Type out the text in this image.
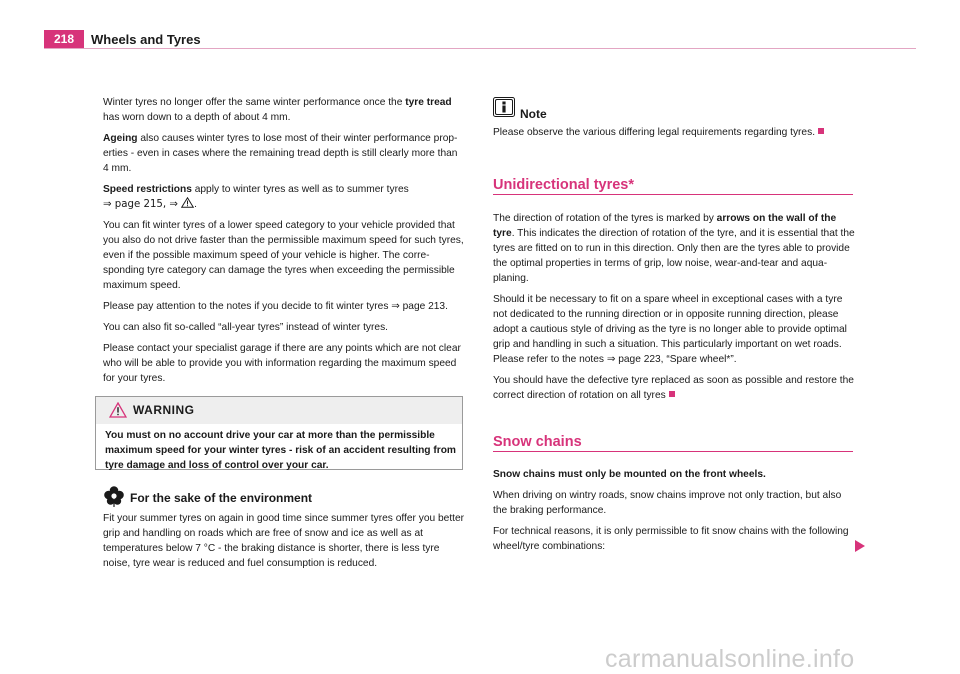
218	Wheels and Tyres

Winter tyres no longer offer the same winter performance once the tyre tread has worn down to a depth of about 4 mm.

Ageing also causes winter tyres to lose most of their winter performance prop-erties - even in cases where the remaining tread depth is still clearly more than 4 mm.

Speed restrictions apply to winter tyres as well as to summer tyres
⇒ page 215, ⇒ .

You can fit winter tyres of a lower speed category to your vehicle provided that you also do not drive faster than the permissible maximum speed for such tyres, even if the possible maximum speed of your vehicle is higher. The corre-sponding tyre category can damage the tyres when exceeding the permissible maximum speed.

Please pay attention to the notes if you decide to fit winter tyres ⇒ page 213.

You can also fit so-called “all-year tyres” instead of winter tyres.

Please contact your specialist garage if there are any points which are not clear who will be able to provide you with information regarding the maximum speed for your tyres.

WARNING
You must on no account drive your car at more than the permissible maximum speed for your winter tyres - risk of an accident resulting from tyre damage and loss of control over your car.
For the sake of the environment
Fit your summer tyres on again in good time since summer tyres offer you better grip and handling on roads which are free of snow and ice as well as at temperatures below 7 °C - the braking distance is shorter, there is less tyre noise, tyre wear is reduced and fuel consumption is reduced.
Note
Please observe the various differing legal requirements regarding tyres.
Unidirectional tyres*

The direction of rotation of the tyres is marked by arrows on the wall of the tyre. This indicates the direction of rotation of the tyre, and it is essential that the tyres are fitted on to run in this direction. Only then are the tyres able to provide the optimal properties in terms of grip, low noise, wear-and-tear and aqua-planing.

Should it be necessary to fit on a spare wheel in exceptional cases with a tyre not dedicated to the running direction or in opposite running direction, please adopt a cautious style of driving as the tyre is no longer able to provide optimal grip and handling in such a situation. This particularly important on wet roads. Please refer to the notes ⇒ page 223, “Spare wheel*”.

You should have the defective tyre replaced as soon as possible and restore the correct direction of rotation on all tyres

Snow chains

Snow chains must only be mounted on the front wheels.

When driving on wintry roads, snow chains improve not only traction, but also the braking performance.

For technical reasons, it is only permissible to fit snow chains with the following wheel/tyre combinations:

carmanualsonline.info
